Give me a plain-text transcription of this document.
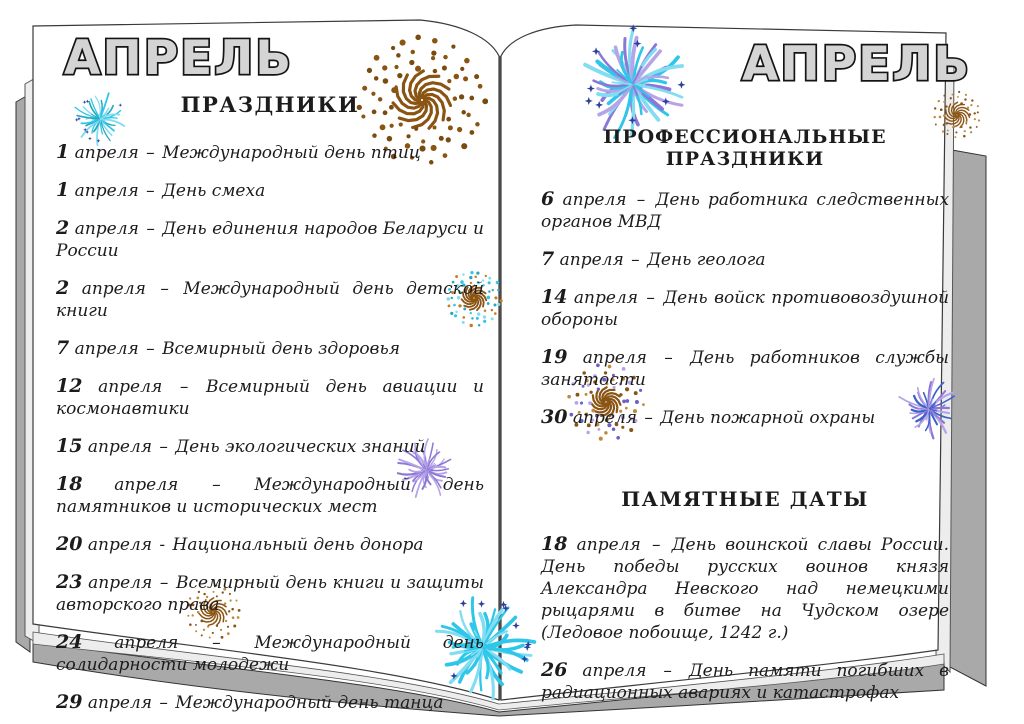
АПРЕЛЬ	АПРЕЛЬ
ПРАЗДНИКИ
1 апреля – Международный день птиц
1 апреля – День смеха
2 апреля – День единения народов Беларуси и России
2 апреля – Международный день детской книги
7 апреля – Всемирный день здоровья
12 апреля – Всемирный день авиации и космонавтики
15 апреля – День экологических знаний
18 апреля – Международный день памятников и исторических мест
20 апреля - Национальный день донора
23 апреля – Всемирный день книги и защиты авторского права
24 апреля – Международный день солидарности молодежи
29 апреля – Международный день танца
ПРОФЕССИОНАЛЬНЫЕ ПРАЗДНИКИ
6 апреля – День работника следственных органов МВД
7 апреля – День геолога
14 апреля – День войск противовоздушной обороны
19 апреля – День работников службы занятости
30 апреля – День пожарной охраны
ПАМЯТНЫЕ ДАТЫ
18 апреля – День воинской славы России. День победы русских воинов князя Александра Невского над немецкими рыцарями в битве на Чудском озере (Ледовое побоище, 1242 г.)
26 апреля – День памяти погибших в радиационных авариях и катастрофах
